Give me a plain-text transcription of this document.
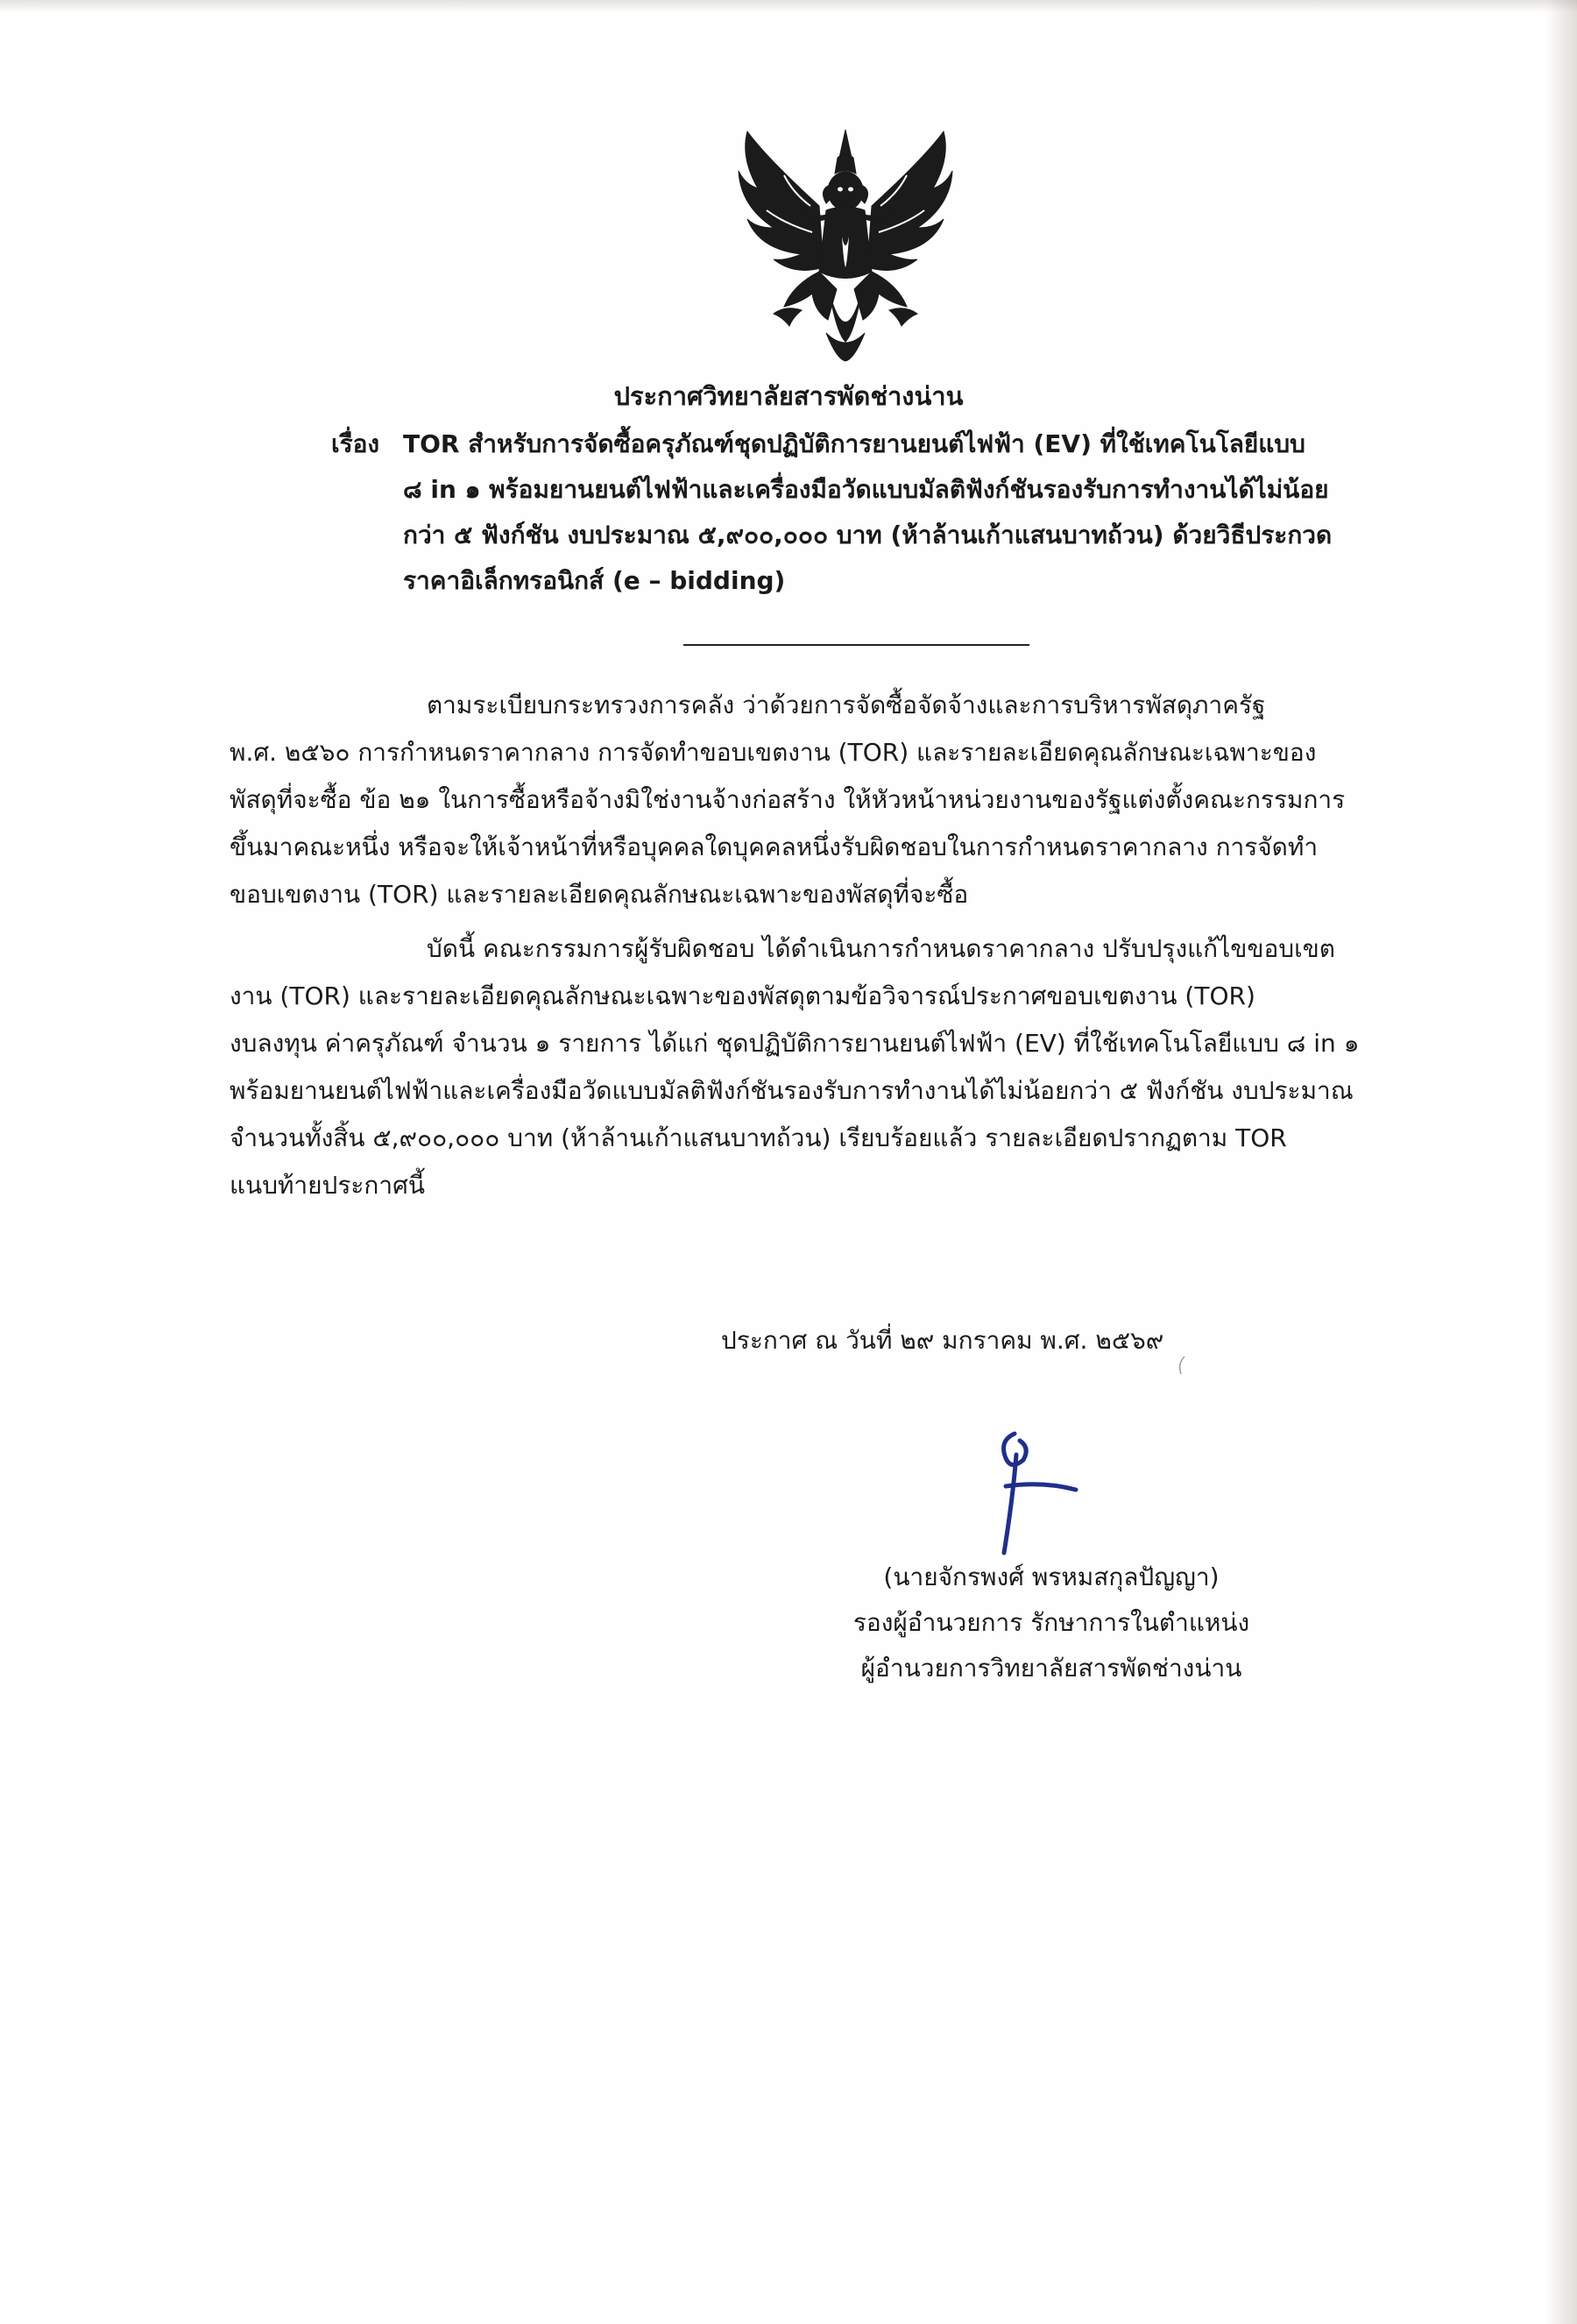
ประกาศวิทยาลัยสารพัดช่างน่าน
เรื่อง TOR สำหรับการจัดซื้อครุภัณฑ์ชุดปฏิบัติการยานยนต์ไฟฟ้า (EV) ที่ใช้เทคโนโลยีแบบ
๘ in ๑ พร้อมยานยนต์ไฟฟ้าและเครื่องมือวัดแบบมัลติฟังก์ชันรองรับการทำงานได้ไม่น้อย
กว่า ๕ ฟังก์ชัน งบประมาณ ๕,๙๐๐,๐๐๐ บาท (ห้าล้านเก้าแสนบาทถ้วน) ด้วยวิธีประกวด
ราคาอิเล็กทรอนิกส์ (e – bidding)
ตามระเบียบกระทรวงการคลัง ว่าด้วยการจัดซื้อจัดจ้างและการบริหารพัสดุภาครัฐ
พ.ศ. ๒๕๖๐ การกำหนดราคากลาง การจัดทำขอบเขตงาน (TOR) และรายละเอียดคุณลักษณะเฉพาะของ
พัสดุที่จะซื้อ ข้อ ๒๑ ในการซื้อหรือจ้างมิใช่งานจ้างก่อสร้าง ให้หัวหน้าหน่วยงานของรัฐแต่งตั้งคณะกรรมการ
ขึ้นมาคณะหนึ่ง หรือจะให้เจ้าหน้าที่หรือบุคคลใดบุคคลหนึ่งรับผิดชอบในการกำหนดราคากลาง การจัดทำ
ขอบเขตงาน (TOR) และรายละเอียดคุณลักษณะเฉพาะของพัสดุที่จะซื้อ
บัดนี้ คณะกรรมการผู้รับผิดชอบ ได้ดำเนินการกำหนดราคากลาง ปรับปรุงแก้ไขขอบเขต
งาน (TOR) และรายละเอียดคุณลักษณะเฉพาะของพัสดุตามข้อวิจารณ์ประกาศขอบเขตงาน (TOR)
งบลงทุน ค่าครุภัณฑ์ จำนวน ๑ รายการ ได้แก่ ชุดปฏิบัติการยานยนต์ไฟฟ้า (EV) ที่ใช้เทคโนโลยีแบบ ๘ in ๑
พร้อมยานยนต์ไฟฟ้าและเครื่องมือวัดแบบมัลติฟังก์ชันรองรับการทำงานได้ไม่น้อยกว่า ๕ ฟังก์ชัน งบประมาณ
จำนวนทั้งสิ้น ๕,๙๐๐,๐๐๐ บาท (ห้าล้านเก้าแสนบาทถ้วน) เรียบร้อยแล้ว รายละเอียดปรากฏตาม TOR
แนบท้ายประกาศนี้
ประกาศ ณ วันที่ ๒๙ มกราคม พ.ศ. ๒๕๖๙
(นายจักรพงศ์ พรหมสกุลปัญญา)
รองผู้อำนวยการ รักษาการในตำแหน่ง
ผู้อำนวยการวิทยาลัยสารพัดช่างน่าน
